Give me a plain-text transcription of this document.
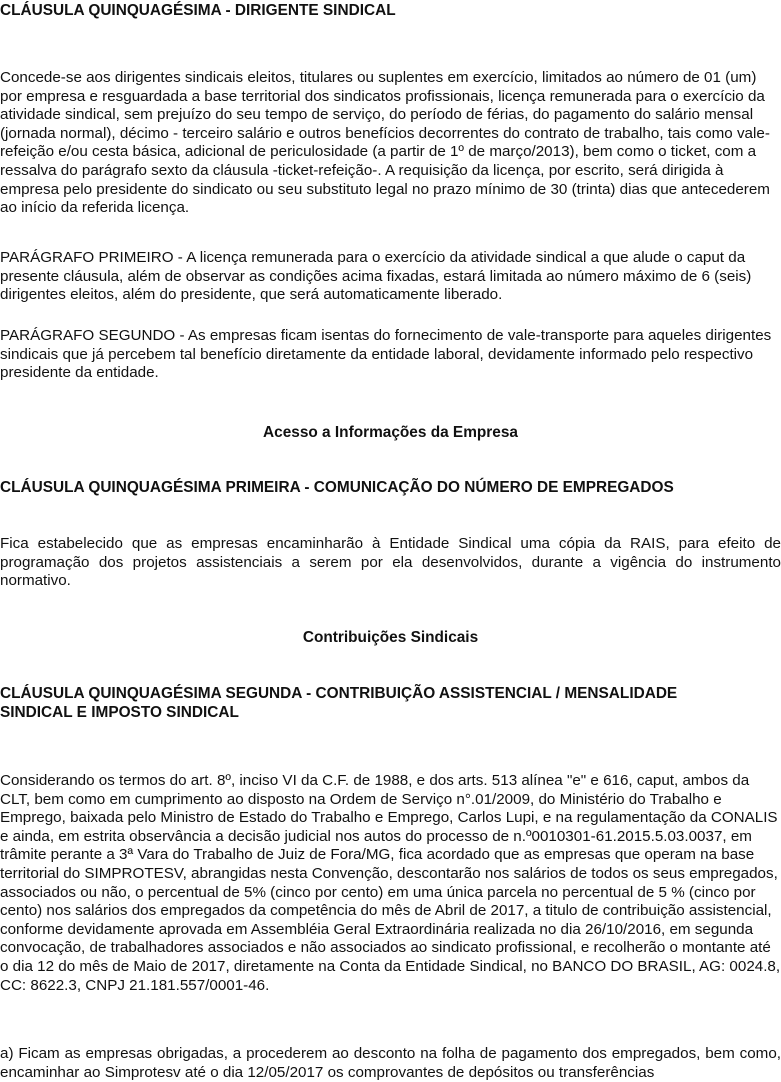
CLÁUSULA QUINQUAGÉSIMA - DIRIGENTE SINDICAL

Concede-se aos dirigentes sindicais eleitos, titulares ou suplentes em exercício, limitados ao número de 01 (um) por empresa e resguardada a base territorial dos sindicatos profissionais, licença remunerada para o exercício da atividade sindical, sem prejuízo do seu tempo de serviço, do período de férias, do pagamento do salário mensal (jornada normal), décimo - terceiro salário e outros benefícios decorrentes do contrato de trabalho, tais como vale-refeição e/ou cesta básica, adicional de periculosidade (a partir de 1º de março/2013), bem como o ticket, com a ressalva do parágrafo sexto da cláusula -ticket-refeição-. A requisição da licença, por escrito, será dirigida à empresa pelo presidente do sindicato ou seu substituto legal no prazo mínimo de 30 (trinta) dias que antecederem ao início da referida licença.

PARÁGRAFO PRIMEIRO - A licença remunerada para o exercício da atividade sindical a que alude o caput da presente cláusula, além de observar as condições acima fixadas, estará limitada ao número máximo de 6 (seis) dirigentes eleitos, além do presidente, que será automaticamente liberado.

PARÁGRAFO SEGUNDO - As empresas ficam isentas do fornecimento de vale-transporte para aqueles dirigentes sindicais que já percebem tal benefício diretamente da entidade laboral, devidamente informado pelo respectivo presidente da entidade.

Acesso a Informações da Empresa

CLÁUSULA QUINQUAGÉSIMA PRIMEIRA - COMUNICAÇÃO DO NÚMERO DE EMPREGADOS

Fica estabelecido que as empresas encaminharão à Entidade Sindical uma cópia da RAIS, para efeito de programação dos projetos assistenciais a serem por ela desenvolvidos, durante a vigência do instrumento normativo.

Contribuições Sindicais

CLÁUSULA QUINQUAGÉSIMA SEGUNDA - CONTRIBUIÇÃO ASSISTENCIAL / MENSALIDADE

SINDICAL E IMPOSTO SINDICAL

Considerando os termos do art. 8º, inciso VI da C.F. de 1988, e dos arts. 513 alínea "e" e 616, caput, ambos da CLT, bem como em cumprimento ao disposto na Ordem de Serviço n°.01/2009, do Ministério do Trabalho e Emprego, baixada pelo Ministro de Estado do Trabalho e Emprego, Carlos Lupi, e na regulamentação da CONALIS e ainda, em estrita observância a decisão judicial nos autos do processo de n.º0010301-61.2015.5.03.0037, em trâmite perante a 3ª Vara do Trabalho de Juiz de Fora/MG, fica acordado que as empresas que operam na base territorial do SIMPROTESV, abrangidas nesta Convenção, descontarão nos salários de todos os seus empregados, associados ou não, o percentual de 5% (cinco por cento) em uma única parcela no percentual de 5 % (cinco por cento) nos salários dos empregados da competência do mês de Abril de 2017, a titulo de contribuição assistencial, conforme devidamente aprovada em Assembléia Geral Extraordinária realizada no dia 26/10/2016, em segunda convocação, de trabalhadores associados e não associados ao sindicato profissional, e recolherão o montante até o dia 12 do mês de Maio de 2017, diretamente na Conta da Entidade Sindical, no BANCO DO BRASIL, AG: 0024.8, CC: 8622.3, CNPJ 21.181.557/0001-46.

a) Ficam as empresas obrigadas, a procederem ao desconto na folha de pagamento dos empregados, bem como, encaminhar ao Simprotesv até o dia 12/05/2017 os comprovantes de depósitos ou transferências
